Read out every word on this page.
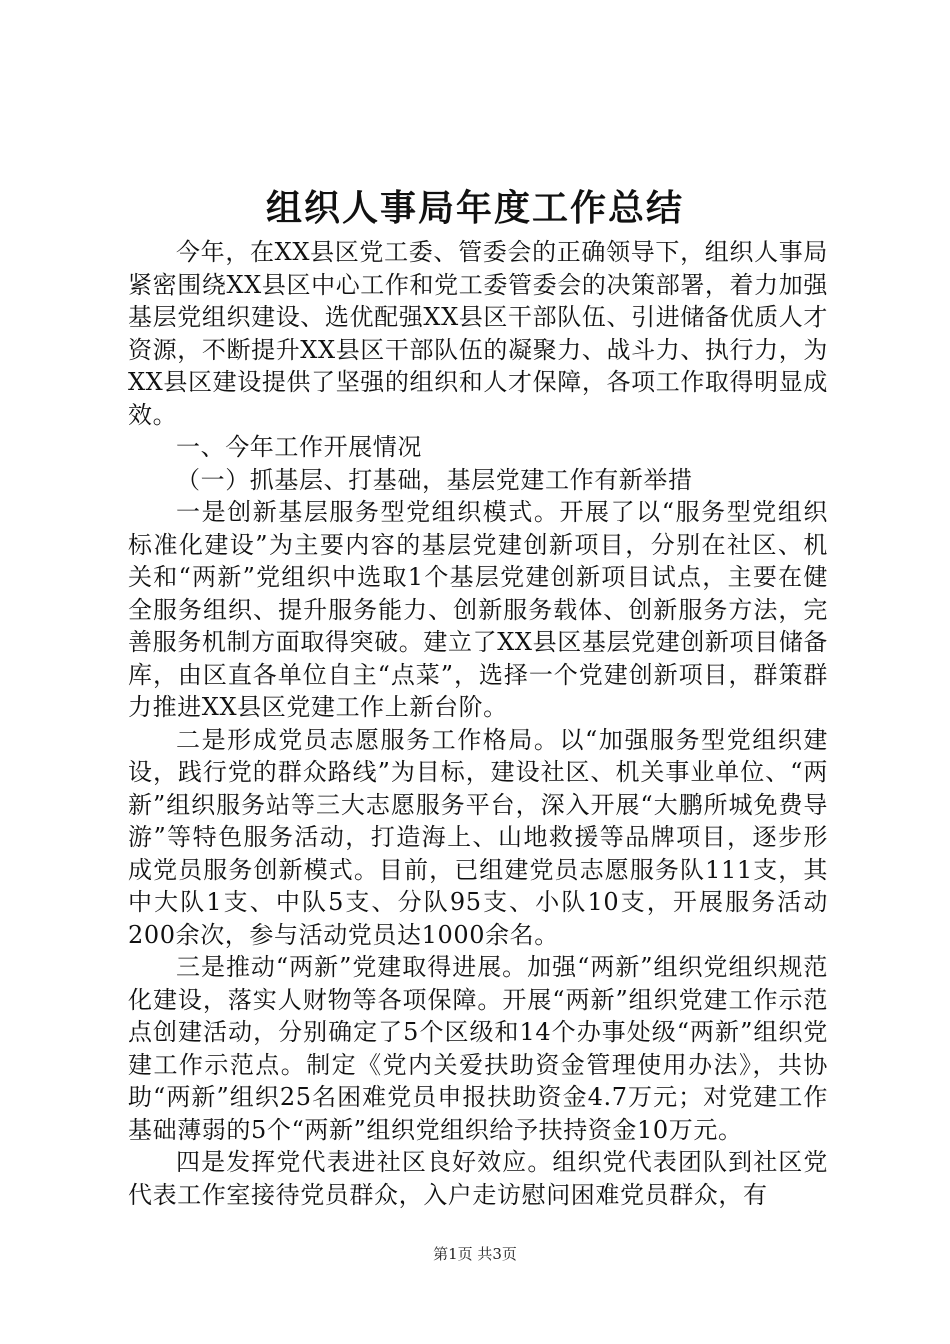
组织人事局年度工作总结

今年，在XX县区党工委、管委会的正确领导下，组织人事局紧密围绕XX县区中心工作和党工委管委会的决策部署，着力加强基层党组织建设、选优配强XX县区干部队伍、引进储备优质人才资源，不断提升XX县区干部队伍的凝聚力、战斗力、执行力，为XX县区建设提供了坚强的组织和人才保障，各项工作取得明显成效。

一、今年工作开展情况

（一）抓基层、打基础，基层党建工作有新举措

一是创新基层服务型党组织模式。开展了以“服务型党组织标准化建设”为主要内容的基层党建创新项目，分别在社区、机关和“两新”党组织中选取1个基层党建创新项目试点，主要在健全服务组织、提升服务能力、创新服务载体、创新服务方法，完善服务机制方面取得突破。建立了XX县区基层党建创新项目储备库，由区直各单位自主“点菜”，选择一个党建创新项目，群策群力推进XX县区党建工作上新台阶。

二是形成党员志愿服务工作格局。以“加强服务型党组织建设，践行党的群众路线”为目标，建设社区、机关事业单位、“两新”组织服务站等三大志愿服务平台，深入开展“大鹏所城免费导游”等特色服务活动，打造海上、山地救援等品牌项目，逐步形成党员服务创新模式。目前，已组建党员志愿服务队111支，其中大队1支、中队5支、分队95支、小队10支，开展服务活动200余次，参与活动党员达1000余名。

三是推动“两新”党建取得进展。加强“两新”组织党组织规范化建设，落实人财物等各项保障。开展“两新”组织党建工作示范点创建活动，分别确定了5个区级和14个办事处级“两新”组织党建工作示范点。制定《党内关爱扶助资金管理使用办法》，共协助“两新”组织25名困难党员申报扶助资金4.7万元；对党建工作基础薄弱的5个“两新”组织党组织给予扶持资金10万元。

四是发挥党代表进社区良好效应。组织党代表团队到社区党代表工作室接待党员群众，入户走访慰问困难党员群众，有

第1页 共3页
